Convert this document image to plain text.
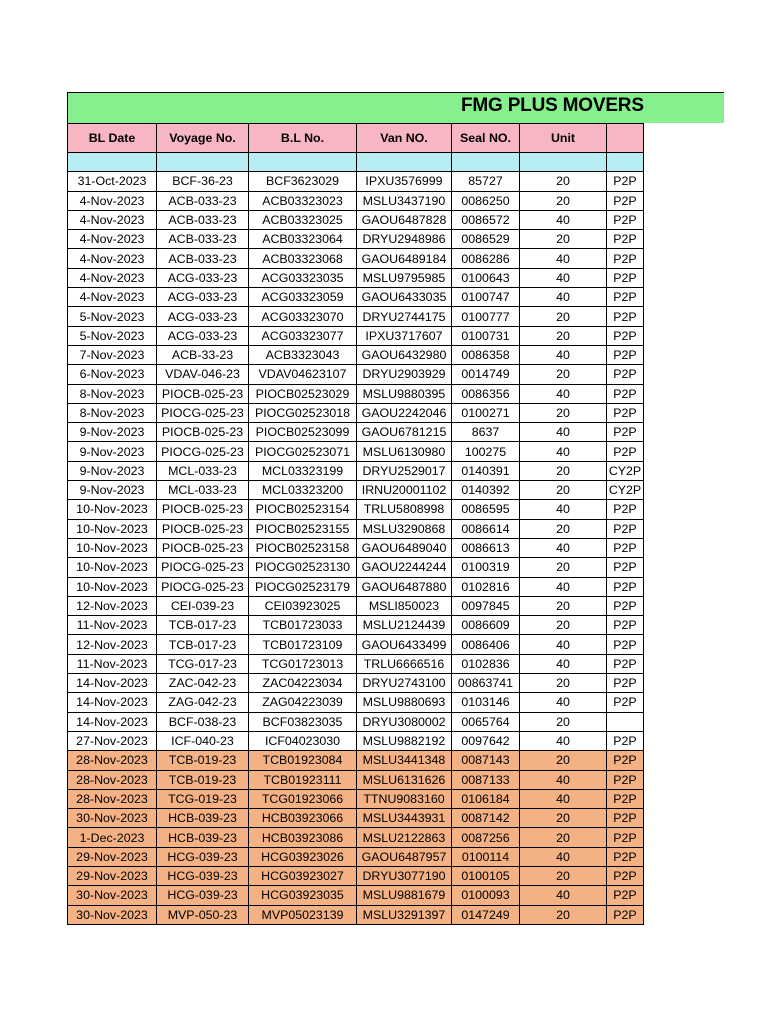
FMG PLUS MOVERS
BL Date	Voyage No.	B.L No.	Van NO.	Seal NO.	Unit	

31-Oct-2023	BCF-36-23	BCF3623029	IPXU3576999	85727	20	P2P
4-Nov-2023	ACB-033-23	ACB03323023	MSLU3437190	0086250	20	P2P
4-Nov-2023	ACB-033-23	ACB03323025	GAOU6487828	0086572	40	P2P
4-Nov-2023	ACB-033-23	ACB03323064	DRYU2948986	0086529	20	P2P
4-Nov-2023	ACB-033-23	ACB03323068	GAOU6489184	0086286	40	P2P
4-Nov-2023	ACG-033-23	ACG03323035	MSLU9795985	0100643	40	P2P
4-Nov-2023	ACG-033-23	ACG03323059	GAOU6433035	0100747	40	P2P
5-Nov-2023	ACG-033-23	ACG03323070	DRYU2744175	0100777	20	P2P
5-Nov-2023	ACG-033-23	ACG03323077	IPXU3717607	0100731	20	P2P
7-Nov-2023	ACB-33-23	ACB3323043	GAOU6432980	0086358	40	P2P
6-Nov-2023	VDAV-046-23	VDAV04623107	DRYU2903929	0014749	20	P2P
8-Nov-2023	PIOCB-025-23	PIOCB02523029	MSLU9880395	0086356	40	P2P
8-Nov-2023	PIOCG-025-23	PIOCG02523018	GAOU2242046	0100271	20	P2P
9-Nov-2023	PIOCB-025-23	PIOCB02523099	GAOU6781215	8637	40	P2P
9-Nov-2023	PIOCG-025-23	PIOCG02523071	MSLU6130980	100275	40	P2P
9-Nov-2023	MCL-033-23	MCL03323199	DRYU2529017	0140391	20	CY2P
9-Nov-2023	MCL-033-23	MCL03323200	IRNU20001102	0140392	20	CY2P
10-Nov-2023	PIOCB-025-23	PIOCB02523154	TRLU5808998	0086595	40	P2P
10-Nov-2023	PIOCB-025-23	PIOCB02523155	MSLU3290868	0086614	20	P2P
10-Nov-2023	PIOCB-025-23	PIOCB02523158	GAOU6489040	0086613	40	P2P
10-Nov-2023	PIOCG-025-23	PIOCG02523130	GAOU2244244	0100319	20	P2P
10-Nov-2023	PIOCG-025-23	PIOCG02523179	GAOU6487880	0102816	40	P2P
12-Nov-2023	CEI-039-23	CEI03923025	MSLI850023	0097845	20	P2P
11-Nov-2023	TCB-017-23	TCB01723033	MSLU2124439	0086609	20	P2P
12-Nov-2023	TCB-017-23	TCB01723109	GAOU6433499	0086406	40	P2P
11-Nov-2023	TCG-017-23	TCG01723013	TRLU6666516	0102836	40	P2P
14-Nov-2023	ZAC-042-23	ZAC04223034	DRYU2743100	00863741	20	P2P
14-Nov-2023	ZAG-042-23	ZAG04223039	MSLU9880693	0103146	40	P2P
14-Nov-2023	BCF-038-23	BCF03823035	DRYU3080002	0065764	20	
27-Nov-2023	ICF-040-23	ICF04023030	MSLU9882192	0097642	40	P2P
28-Nov-2023	TCB-019-23	TCB01923084	MSLU3441348	0087143	20	P2P
28-Nov-2023	TCB-019-23	TCB01923111	MSLU6131626	0087133	40	P2P
28-Nov-2023	TCG-019-23	TCG01923066	TTNU9083160	0106184	40	P2P
30-Nov-2023	HCB-039-23	HCB03923066	MSLU3443931	0087142	20	P2P
1-Dec-2023	HCB-039-23	HCB03923086	MSLU2122863	0087256	20	P2P
29-Nov-2023	HCG-039-23	HCG03923026	GAOU6487957	0100114	40	P2P
29-Nov-2023	HCG-039-23	HCG03923027	DRYU3077190	0100105	20	P2P
30-Nov-2023	HCG-039-23	HCG03923035	MSLU9881679	0100093	40	P2P
30-Nov-2023	MVP-050-23	MVP05023139	MSLU3291397	0147249	20	P2P
